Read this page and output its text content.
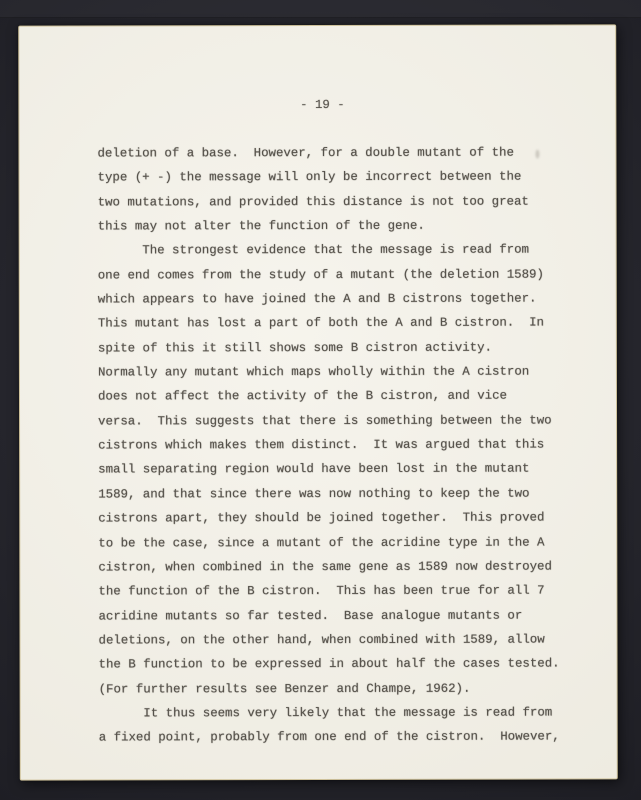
- 19 -
deletion of a base.  However, for a double mutant of the
type (+ -) the message will only be incorrect between the
two mutations, and provided this distance is not too great
this may not alter the function of the gene.
The strongest evidence that the message is read from
one end comes from the study of a mutant (the deletion 1589)
which appears to have joined the A and B cistrons together.
This mutant has lost a part of both the A and B cistron.  In
spite of this it still shows some B cistron activity.
Normally any mutant which maps wholly within the A cistron
does not affect the activity of the B cistron, and vice
versa.  This suggests that there is something between the two
cistrons which makes them distinct.  It was argued that this
small separating region would have been lost in the mutant
1589, and that since there was now nothing to keep the two
cistrons apart, they should be joined together.  This proved
to be the case, since a mutant of the acridine type in the A
cistron, when combined in the same gene as 1589 now destroyed
the function of the B cistron.  This has been true for all 7
acridine mutants so far tested.  Base analogue mutants or
deletions, on the other hand, when combined with 1589, allow
the B function to be expressed in about half the cases tested.
(For further results see Benzer and Champe, 1962).
It thus seems very likely that the message is read from
a fixed point, probably from one end of the cistron.  However,
